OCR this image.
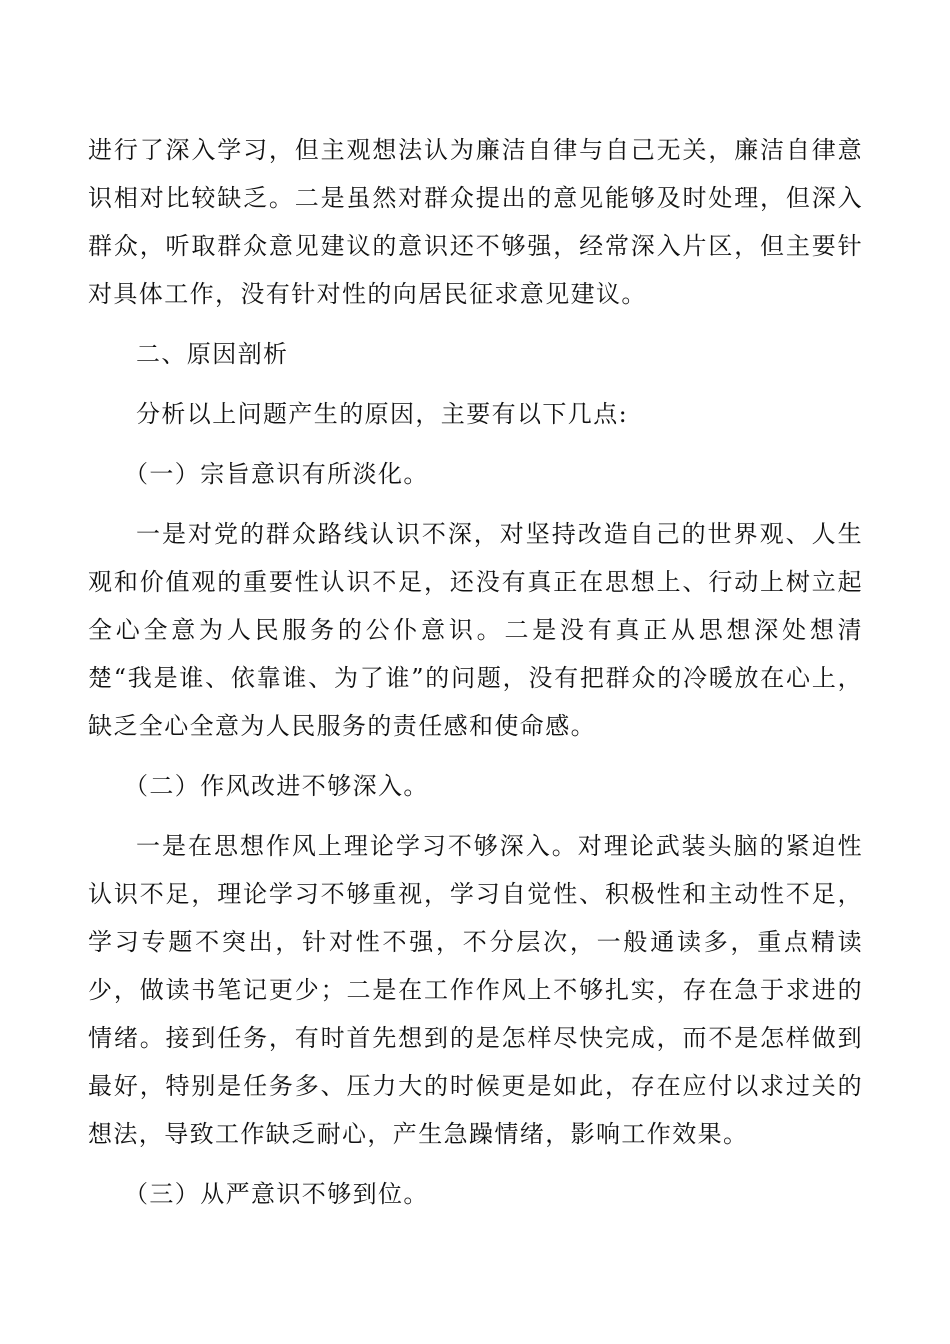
进行了深入学习，但主观想法认为廉洁自律与自己无关，廉洁自律意识相对比较缺乏。二是虽然对群众提出的意见能够及时处理，但深入群众，听取群众意见建议的意识还不够强，经常深入片区，但主要针对具体工作，没有针对性的向居民征求意见建议。

二、原因剖析

分析以上问题产生的原因，主要有以下几点:

（一）宗旨意识有所淡化。

一是对党的群众路线认识不深，对坚持改造自己的世界观、人生观和价值观的重要性认识不足，还没有真正在思想上、行动上树立起全心全意为人民服务的公仆意识。二是没有真正从思想深处想清楚“我是谁、依靠谁、为了谁”的问题，没有把群众的冷暖放在心上，缺乏全心全意为人民服务的责任感和使命感。

（二）作风改进不够深入。

一是在思想作风上理论学习不够深入。对理论武装头脑的紧迫性认识不足，理论学习不够重视，学习自觉性、积极性和主动性不足，学习专题不突出，针对性不强，不分层次，一般通读多，重点精读少，做读书笔记更少；二是在工作作风上不够扎实，存在急于求进的情绪。接到任务，有时首先想到的是怎样尽快完成，而不是怎样做到最好，特别是任务多、压力大的时候更是如此，存在应付以求过关的想法，导致工作缺乏耐心，产生急躁情绪，影响工作效果。

（三）从严意识不够到位。
